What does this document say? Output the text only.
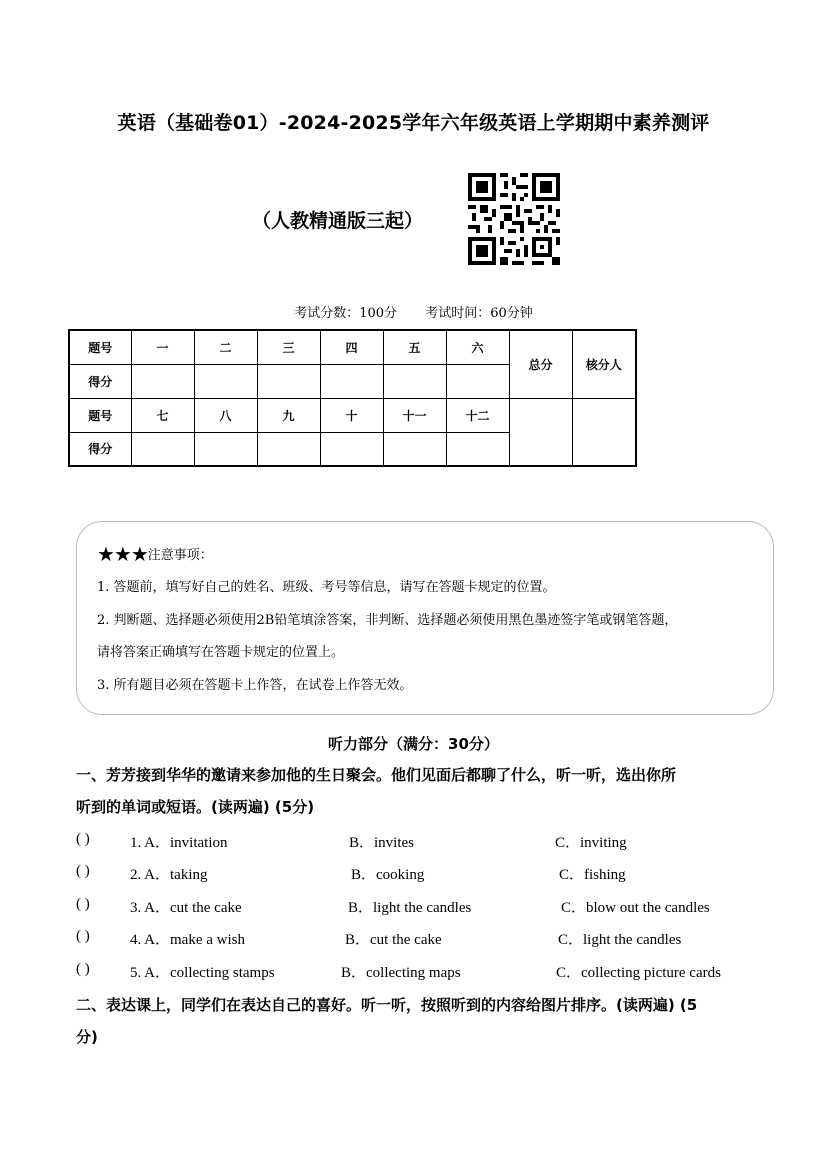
英语（基础卷01）-2024-2025学年六年级英语上学期期中素养测评
（人教精通版三起）
考试分数：100分 考试时间：60分钟
题号	一	二	三	四	五	六	总分	核分人
得分								
题号	七	八	九	十	十一	十二		
得分								
★★★注意事项：
1. 答题前，填写好自己的姓名、班级、考号等信息，请写在答题卡规定的位置。
2. 判断题、选择题必须使用2B铅笔填涂答案，非判断、选择题必须使用黑色墨迹签字笔或钢笔答题，
请将答案正确填写在答题卡规定的位置上。
3. 所有题目必须在答题卡上作答，在试卷上作答无效。
听力部分（满分：30分）
一、芳芳接到华华的邀请来参加他的生日聚会。他们见面后都聊了什么，听一听，选出你所
听到的单词或短语。(读两遍) (5分)
( )	1. A．invitation	B．invites	C．inviting
( )	2. A．taking	B．cooking	C．fishing
( )	3. A．cut the cake	B．light the candles	C．blow out the candles
( )	4. A．make a wish	B．cut the cake	C．light the candles
( )	5. A．collecting stamps	B．collecting maps	C．collecting picture cards
二、表达课上，同学们在表达自己的喜好。听一听，按照听到的内容给图片排序。(读两遍) (5
分)
